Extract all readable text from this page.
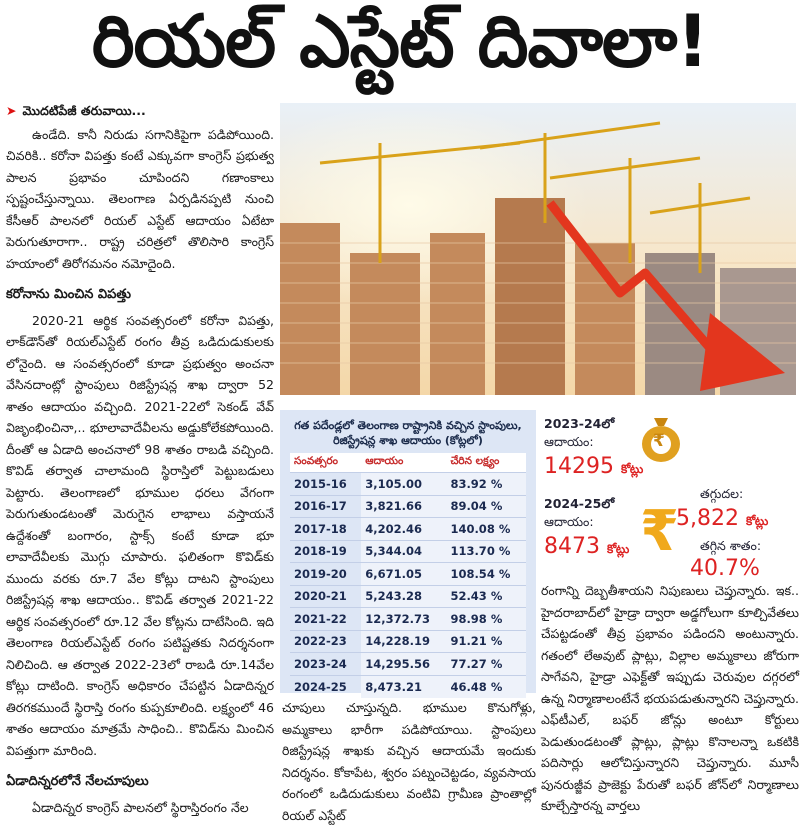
రియల్ ఎస్టేట్ దివాలా!
➤ మొదటిపేజీ తరువాయి...

ఉండేది. కానీ నిరుడు సగానికిపైగా పడిపోయింది. చివరికి.. కరోనా విపత్తు కంటే ఎక్కువగా కాంగ్రెస్ ప్రభుత్వ పాలన ప్రభావం చూపిందని గణాంకాలు స్పష్టంచేస్తున్నాయి. తెలంగాణ ఏర్పడినప్పటి నుంచి కేసీఆర్ పాలనలో రియల్ ఎస్టేట్ ఆదాయం ఏటేటా పెరుగుతూరాగా.. రాష్ట్ర చరిత్రలో తొలిసారి కాంగ్రెస్ హయాంలో తిరోగమనం నమోదైంది.

కరోనాను మించిన విపత్తు

2020-21 ఆర్థిక సంవత్సరంలో కరోనా విపత్తు, లాక్‌డౌన్‌తో రియల్‌ఎస్టేట్ రంగం తీవ్ర ఒడిదుడుకులకు లోనైంది. ఆ సంవత్సరంలో కూడా ప్రభుత్వం అంచనా వేసినదాంట్లో స్టాంపులు రిజిస్ట్రేషన్ల శాఖ ద్వారా 52 శాతం ఆదాయం వచ్చింది. 2021-22లో సెకండ్ వేవ్ విజృంభించినా,.. భూలావాదేవీలను అడ్డుకోలేకపోయింది. దీంతో ఆ ఏడాది అంచనాలో 98 శాతం రాబడి వచ్చింది. కొవిడ్ తర్వాత చాలామంది స్థిరాస్తిలో పెట్టుబడులు పెట్టారు. తెలంగాణలో భూముల ధరలు వేగంగా పెరుగుతుండటంతో మెరుగైన లాభాలు వస్తాయనే ఉద్దేశంతో బంగారం, స్టాక్స్ కంటే కూడా భూ లావాదేవీలకు మొగ్గు చూపారు. ఫలితంగా కొవిడ్‌కు ముందు వరకు రూ.7 వేల కోట్లు దాటని స్టాంపులు రిజిస్ట్రేషన్ల శాఖ ఆదాయం.. కొవిడ్ తర్వాత 2021-22 ఆర్థిక సంవత్సరంలో రూ.12 వేల కోట్లను దాటేసింది. ఇది తెలంగాణ రియల్‌ఎస్టేట్ రంగం పటిష్టతకు నిదర్శనంగా నిలిచింది. ఆ తర్వాత 2022-23లో రాబడి రూ.14వేల కోట్లు దాటింది. కాంగ్రెస్ అధికారం చేపట్టిన ఏడాదిన్నర తిరగకముందే స్థిరాస్తి రంగం కుప్పకూలింది. లక్ష్యంలో 46 శాతం ఆదాయం మాత్రమే సాధించి.. కొవిడ్‌ను మించిన విపత్తుగా మారింది.

ఏడాదిన్నరలోనే నేలచూపులు

ఏడాదిన్నర కాంగ్రెస్ పాలనలో స్థిరాస్తిరంగం నేల

గత పదేండ్లలో తెలంగాణ రాష్ట్రానికి వచ్చిన స్టాంపులు, రిజిస్ట్రేషన్ల శాఖ ఆదాయం (కోట్లలో)
సంవత్సరం	ఆదాయం	చేరిన లక్ష్యం
2015-16	3,105.00	83.92 %
2016-17	3,821.66	89.04 %
2017-18	4,202.46	140.08 %
2018-19	5,344.04	113.70 %
2019-20	6,671.05	108.54 %
2020-21	5,243.28	52.43 %
2021-22	12,372.73	98.98 %
2022-23	14,228.19	91.21 %
2023-24	14,295.56	77.27 %
2024-25	8,473.21	46.48 %
2023-24లో
ఆదాయం:
14295 కోట్లు
₹
తగ్గుదల:
5,822 కోట్లు
2024-25లో
ఆదాయం:
8473 కోట్లు ₹ తగ్గిన శాతం:
40.7%

చూపులు చూస్తున్నది. భూముల కొనుగోళ్లు, అమ్మకాలు భారీగా పడిపోయాయి. స్టాంపులు రిజిస్ట్రేషన్ల శాఖకు వచ్చిన ఆదాయమే ఇందుకు నిదర్శనం. కోకాపేట, శ్వరం పట్నంచెట్టడం, వ్యవసాయ రంగంలో ఒడిదుడుకులు వంటివి గ్రామీణ ప్రాంతాల్లో రియల్ ఎస్టేట్

రంగాన్ని దెబ్బతీశాయని నిపుణులు చెప్తున్నారు. ఇక.. హైదరాబాద్‌లో హైడ్రా ద్వారా అడ్డగోలుగా కూల్చివేతలు చేపట్టడంతో తీవ్ర ప్రభావం పడిందని అంటున్నారు. గతంలో లేఅవుట్ ప్లాట్లు, విల్లాల అమ్మకాలు జోరుగా సాగేవని, హైడ్రా ఎఫెక్ట్‌తో ఇప్పుడు చెరువుల దగ్గరలో ఉన్న నిర్మాణాలంటేనే భయపడుతున్నారని చెప్తున్నారు. ఎఫ్‌టీఎల్, బఫర్ జోన్లు అంటూ కోర్టులు పెడుతుండటంతో ప్లాట్లు, ప్లాట్లు కొనాలన్నా ఒకటికి పదిసార్లు ఆలోచిస్తున్నారని చెప్తున్నారు. మూసీ పునరుజ్జీవ ప్రాజెక్టు పేరుతో బఫర్ జోన్‌లో నిర్మాణాలు కూల్చేస్తారన్న వార్తలు
